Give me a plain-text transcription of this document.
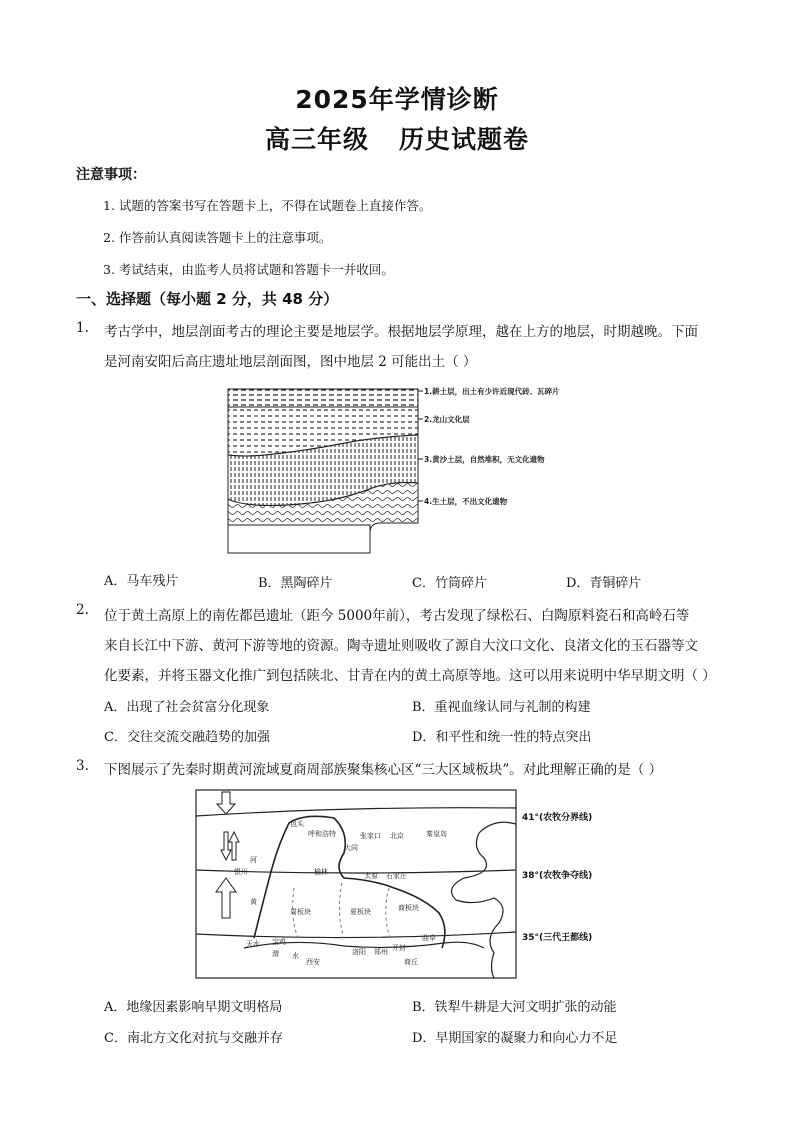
2025年学情诊断
高三年级 历史试题卷
注意事项：
1. 试题的答案书写在答题卡上，不得在试题卷上直接作答。
2. 作答前认真阅读答题卡上的注意事项。
3. 考试结束，由监考人员将试题和答题卡一并收回。
一、选择题（每小题 2 分，共 48 分）
1. 考古学中，地层剖面考古的理论主要是地层学。根据地层学原理，越在上方的地层，时期越晚。下面
是河南安阳后高庄遗址地层剖面图，图中地层 2 可能出土（ ）
1.耕土层，出土有少许近现代砖、瓦碎片
2.龙山文化层
3.黄沙土层，自然堆积，无文化遗物
4.生土层，不出文化遗物
A．马车残片	B．黑陶碎片	C．竹筒碎片	D．青铜碎片
2. 位于黄土高原上的南佐都邑遗址（距今 5000年前），考古发现了绿松石、白陶原料瓷石和高岭石等
来自长江中下游、黄河下游等地的资源。陶寺遗址则吸收了源自大汶口文化、良渚文化的玉石器等文
化要素，并将玉器文化推广到包括陕北、甘青在内的黄土高原等地。这可以用来说明中华早期文明（ ）
A．出现了社会贫富分化现象	B．重视血缘认同与礼制的构建
C．交往交流交融趋势的加强	D．和平性和统一性的特点突出
3. 下图展示了先秦时期黄河流域夏商周部族聚集核心区“三大区域板块”。对此理解正确的是（ ）
包头
呼和浩特	张家口 北京	秦皇岛
大同
河
银川	榆林	太原 石家庄
黄
周板块	夏板块	商板块
天水 宝鸡
渭 水
西安
洛阳 郑州 开封
商丘
曲阜
41°(农牧分界线)
38°(农牧争夺线)
35°(三代王都线)
A．地缘因素影响早期文明格局	B．铁犁牛耕是大河文明扩张的动能
C．南北方文化对抗与交融并存	D．早期国家的凝聚力和向心力不足
